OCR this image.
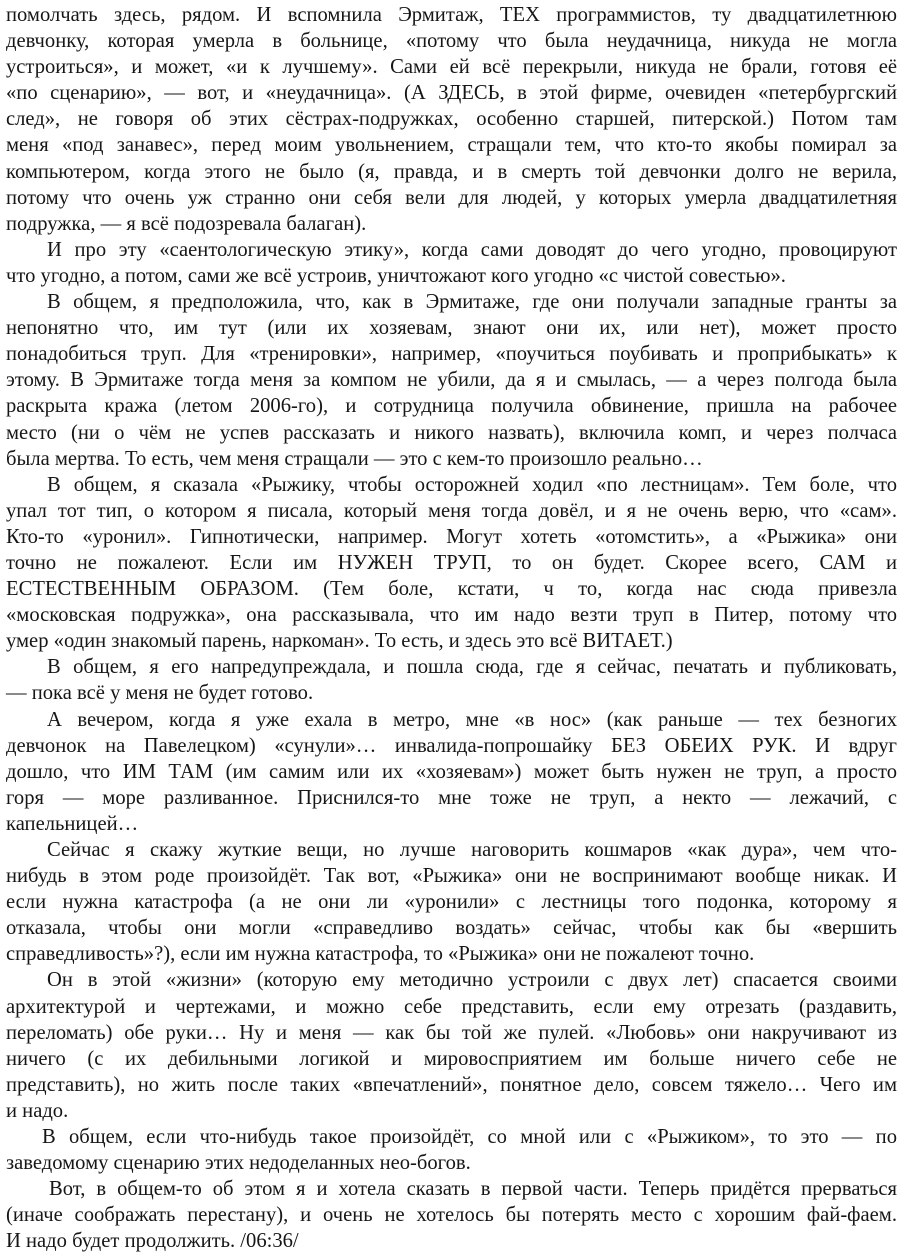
помолчать здесь, рядом. И вспомнила Эрмитаж, ТЕХ программистов, ту двадцатилетнюю
девчонку, которая умерла в больнице, «потому что была неудачница, никуда не могла
устроиться», и может, «и к лучшему». Сами ей всё перекрыли, никуда не брали, готовя её
«по сценарию», — вот, и «неудачница». (А ЗДЕСЬ, в этой фирме, очевиден «петербургский
след», не говоря об этих сёстрах-подружках, особенно старшей, питерской.) Потом там
меня «под занавес», перед моим увольнением, стращали тем, что кто-то якобы помирал за
компьютером, когда этого не было (я, правда, и в смерть той девчонки долго не верила,
потому что очень уж странно они себя вели для людей, у которых умерла двадцатилетняя
подружка, — я всё подозревала балаган).
И про эту «саентологическую этику», когда сами доводят до чего угодно, провоцируют
что угодно, а потом, сами же всё устроив, уничтожают кого угодно «с чистой совестью».
В общем, я предположила, что, как в Эрмитаже, где они получали западные гранты за
непонятно что, им тут (или их хозяевам, знают они их, или нет), может просто
понадобиться труп. Для «тренировки», например, «поучиться поубивать и проприбыкать» к
этому. В Эрмитаже тогда меня за компом не убили, да я и смылась, — а через полгода была
раскрыта кража (летом 2006-го), и сотрудница получила обвинение, пришла на рабочее
место (ни о чём не успев рассказать и никого назвать), включила комп, и через полчаса
была мертва. То есть, чем меня стращали — это с кем-то произошло реально…
В общем, я сказала «Рыжику, чтобы осторожней ходил «по лестницам». Тем боле, что
упал тот тип, о котором я писала, который меня тогда довёл, и я не очень верю, что «сам».
Кто-то «уронил». Гипнотически, например. Могут хотеть «отомстить», а «Рыжика» они
точно не пожалеют. Если им НУЖЕН ТРУП, то он будет. Скорее всего, САМ и
ЕСТЕСТВЕННЫМ ОБРАЗОМ. (Тем боле, кстати, ч то, когда нас сюда привезла
«московская подружка», она рассказывала, что им надо везти труп в Питер, потому что
умер «один знакомый парень, наркоман». То есть, и здесь это всё ВИТАЕТ.)
В общем, я его напредупреждала, и пошла сюда, где я сейчас, печатать и публиковать,
— пока всё у меня не будет готово.
А вечером, когда я уже ехала в метро, мне «в нос» (как раньше — тех безногих
девчонок на Павелецком) «сунули»… инвалида-попрошайку БЕЗ ОБЕИХ РУК. И вдруг
дошло, что ИМ ТАМ (им самим или их «хозяевам») может быть нужен не труп, а просто
горя — море разливанное. Приснился-то мне тоже не труп, а некто — лежачий, с
капельницей…
Сейчас я скажу жуткие вещи, но лучше наговорить кошмаров «как дура», чем что-
нибудь в этом роде произойдёт. Так вот, «Рыжика» они не воспринимают вообще никак. И
если нужна катастрофа (а не они ли «уронили» с лестницы того подонка, которому я
отказала, чтобы они могли «справедливо воздать» сейчас, чтобы как бы «вершить
справедливость»?), если им нужна катастрофа, то «Рыжика» они не пожалеют точно.
Он в этой «жизни» (которую ему методично устроили с двух лет) спасается своими
архитектурой и чертежами, и можно себе представить, если ему отрезать (раздавить,
переломать) обе руки… Ну и меня — как бы той же пулей. «Любовь» они накручивают из
ничего (с их дебильными логикой и мировосприятием им больше ничего себе не
представить), но жить после таких «впечатлений», понятное дело, совсем тяжело… Чего им
и надо.
В общем, если что-нибудь такое произойдёт, со мной или с «Рыжиком», то это — по
заведомому сценарию этих недоделанных нео-богов.
Вот, в общем-то об этом я и хотела сказать в первой части. Теперь придётся прерваться
(иначе соображать перестану), и очень не хотелось бы потерять место с хорошим фай-фаем.
И надо будет продолжить. /06:36/
